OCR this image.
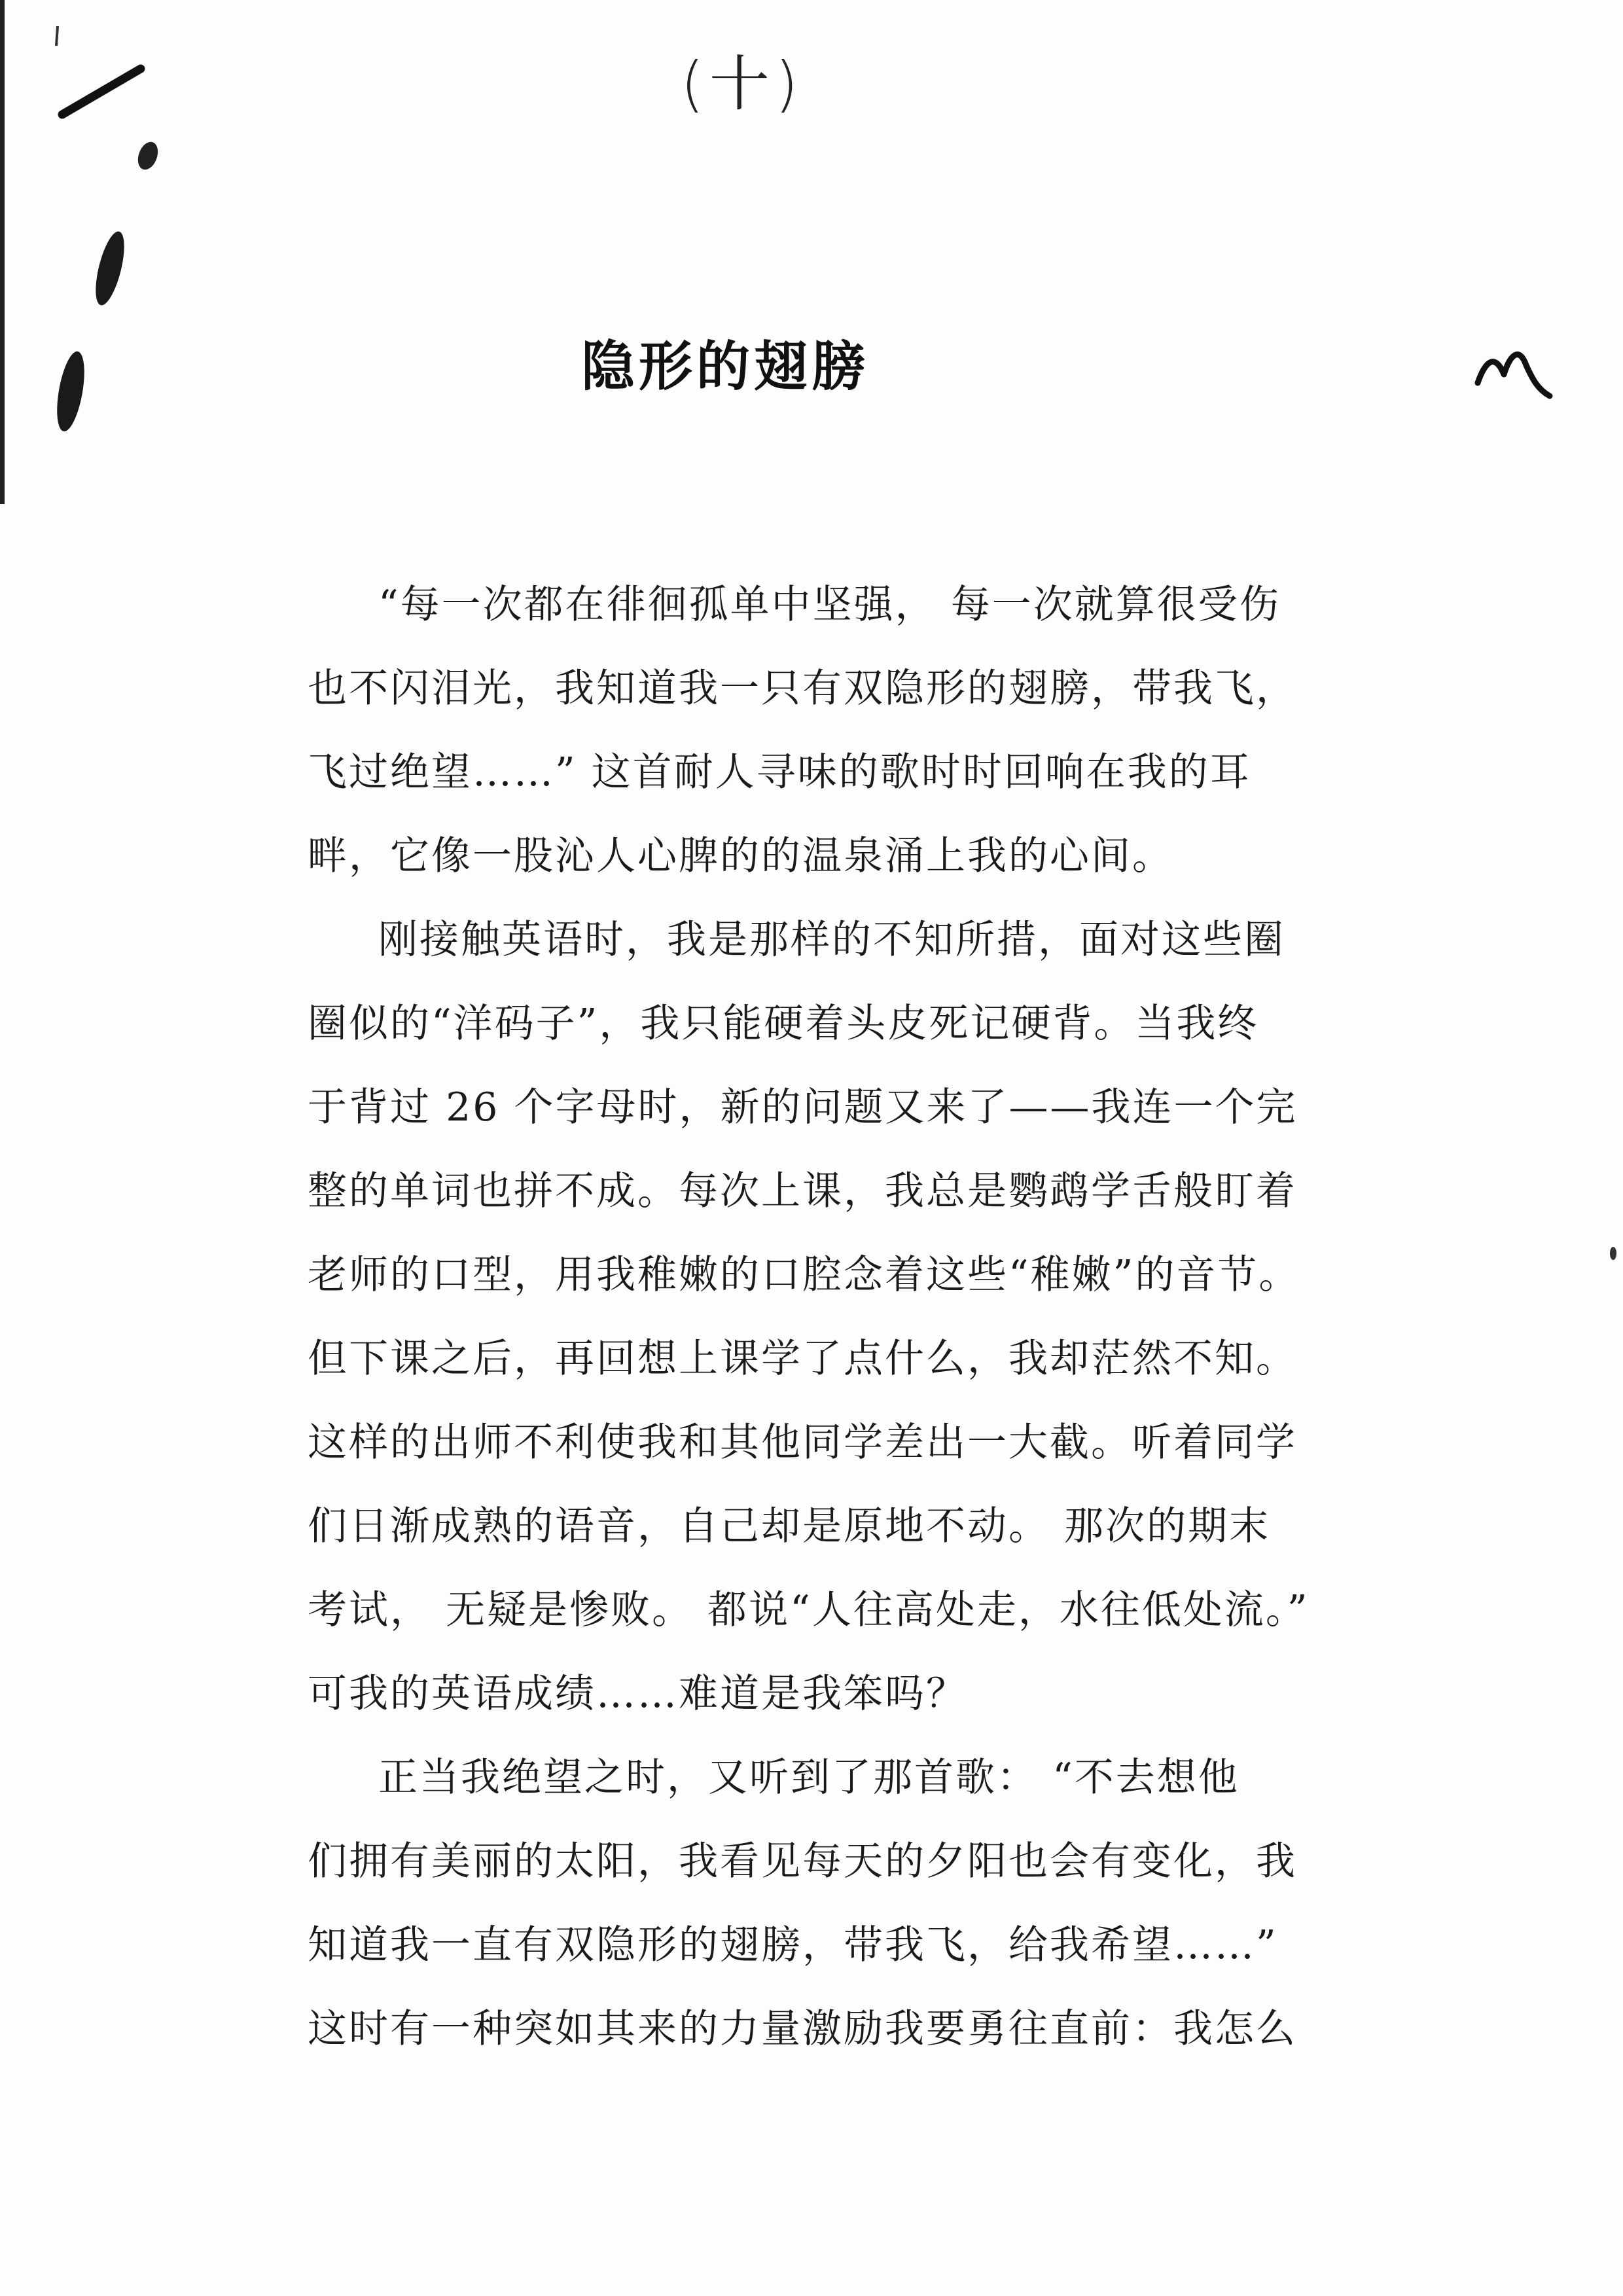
(十)
隐形的翅膀
“每一次都在徘徊孤单中坚强， 每一次就算很受伤
也不闪泪光，我知道我一只有双隐形的翅膀，带我飞，
飞过绝望……” 这首耐人寻味的歌时时回响在我的耳
畔，它像一股沁人心脾的的温泉涌上我的心间。
刚接触英语时，我是那样的不知所措，面对这些圈
圈似的“洋码子”，我只能硬着头皮死记硬背。当我终
于背过 26 个字母时，新的问题又来了——我连一个完
整的单词也拼不成。每次上课，我总是鹦鹉学舌般盯着
老师的口型，用我稚嫩的口腔念着这些“稚嫩”的音节。
但下课之后，再回想上课学了点什么，我却茫然不知。
这样的出师不利使我和其他同学差出一大截。听着同学
们日渐成熟的语音，自己却是原地不动。 那次的期末
考试， 无疑是惨败。 都说“人往高处走，水往低处流。”
可我的英语成绩……难道是我笨吗？
正当我绝望之时，又听到了那首歌： “不去想他
们拥有美丽的太阳，我看见每天的夕阳也会有变化，我
知道我一直有双隐形的翅膀，带我飞，给我希望……”
这时有一种突如其来的力量激励我要勇往直前：我怎么
